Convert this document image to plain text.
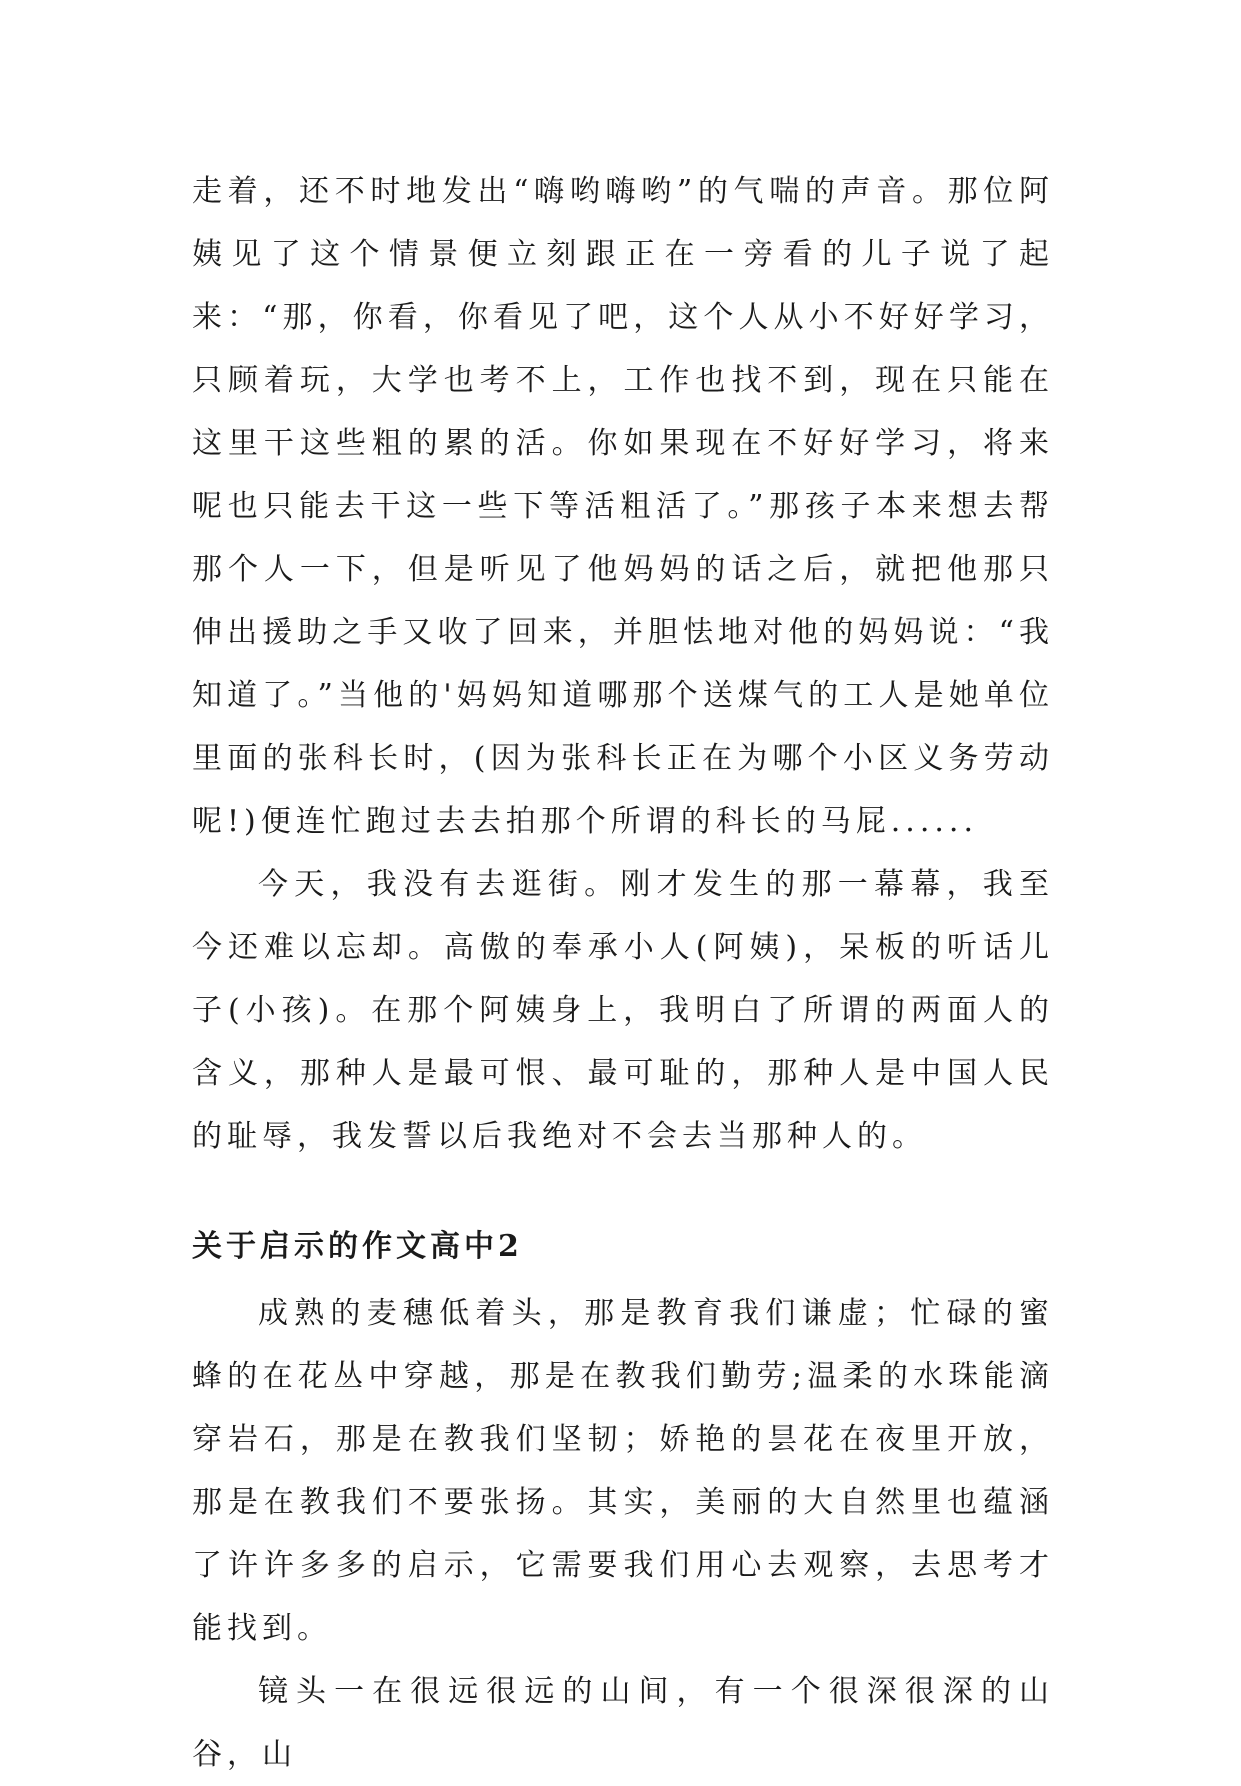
走着，还不时地发出“嗨哟嗨哟”的气喘的声音。那位阿姨见了这个情景便立刻跟正在一旁看的儿子说了起来：“那，你看，你看见了吧，这个人从小不好好学习，只顾着玩，大学也考不上，工作也找不到，现在只能在这里干这些粗的累的活。你如果现在不好好学习，将来呢也只能去干这一些下等活粗活了。”那孩子本来想去帮那个人一下，但是听见了他妈妈的话之后，就把他那只伸出援助之手又收了回来，并胆怯地对他的妈妈说：“我知道了。”当他的'妈妈知道哪那个送煤气的工人是她单位里面的张科长时，(因为张科长正在为哪个小区义务劳动呢!)便连忙跑过去去拍那个所谓的科长的马屁......

今天，我没有去逛街。刚才发生的那一幕幕，我至今还难以忘却。高傲的奉承小人(阿姨)，呆板的听话儿子(小孩)。在那个阿姨身上，我明白了所谓的两面人的含义，那种人是最可恨、最可耻的，那种人是中国人民的耻辱，我发誓以后我绝对不会去当那种人的。

关于启示的作文高中2

成熟的麦穗低着头，那是教育我们谦虚；忙碌的蜜蜂的在花丛中穿越，那是在教我们勤劳;温柔的水珠能滴穿岩石，那是在教我们坚韧；娇艳的昙花在夜里开放，那是在教我们不要张扬。其实，美丽的大自然里也蕴涵了许许多多的启示，它需要我们用心去观察，去思考才能找到。

镜头一在很远很远的山间，有一个很深很深的山谷，山
